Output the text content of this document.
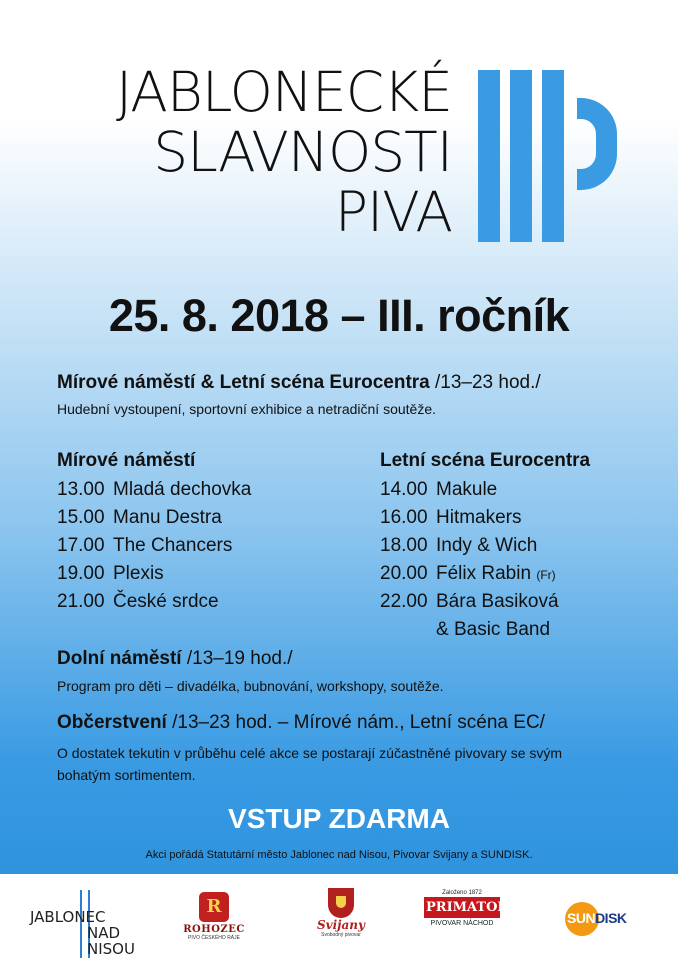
JABLONECKÉ
SLAVNOSTI
PIVA
25. 8. 2018 – III. ročník
Mírové náměstí & Letní scéna Eurocentra /13–23 hod./
Hudební vystoupení, sportovní exhibice a netradiční soutěže.
Mírové náměstí
13.00 Mladá dechovka
15.00 Manu Destra
17.00 The Chancers
19.00 Plexis
21.00 České srdce
Letní scéna Eurocentra
14.00 Makule
16.00 Hitmakers
18.00 Indy & Wich
20.00 Félix Rabin (Fr)
22.00 Bára Basiková
& Basic Band
Dolní náměstí /13–19 hod./
Program pro děti – divadélka, bubnování, workshopy, soutěže.
Občerstvení /13–23 hod. – Mírové nám., Letní scéna EC/
O dostatek tekutin v průběhu celé akce se postarají zúčastněné pivovary se svým bohatým sortimentem.
VSTUP ZDARMA
Akci pořádá Statutární město Jablonec nad Nisou, Pivovar Svijany a SUNDISK.
JABLONEC
NAD
NISOU
R
ROHOZEC
PIVO ČESKÉHO RÁJE
Svijany
Svobodný pivovar
Založeno 1872
PRIMATOR
PIVOVAR NÁCHOD	SUNDISK
